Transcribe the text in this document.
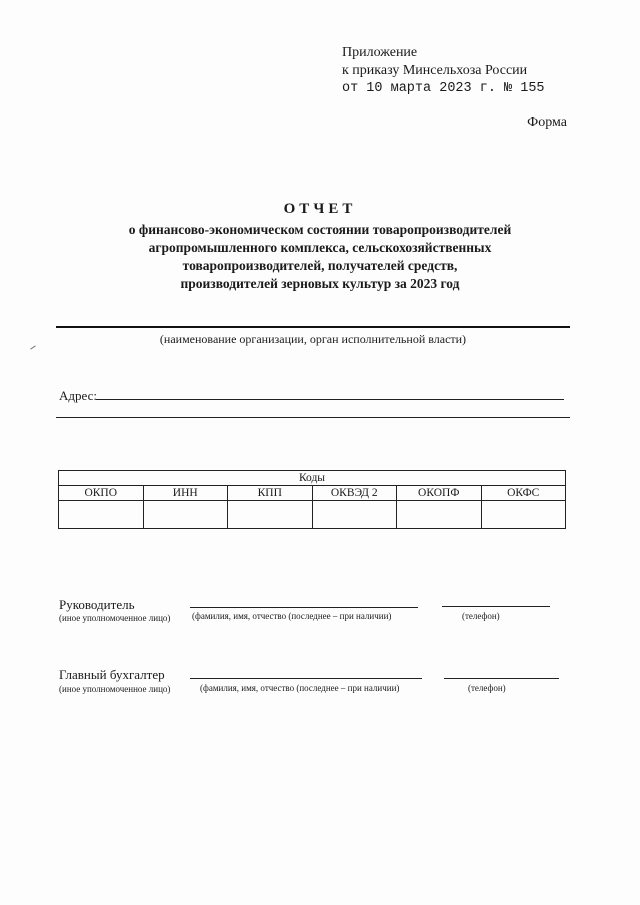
Приложение
к приказу Минсельхоза России
от 10 марта 2023 г. № 155
Форма
ОТЧЕТ
о финансово-экономическом состоянии товаропроизводителей
агропромышленного комплекса, сельскохозяйственных
товаропроизводителей, получателей средств,
производителей зерновых культур за 2023 год
(наименование организации, орган исполнительной власти)
Адрес:
Коды					
ОКПО	ИНН	КПП	ОКВЭД 2	ОКОПФ	ОКФС

Руководитель
(иное уполномоченное лицо) (фамилия, имя, отчество (последнее – при наличии)	(телефон)
Главный бухгалтер
(иное уполномоченное лицо)	(фамилия, имя, отчество (последнее – при наличии)	(телефон)
